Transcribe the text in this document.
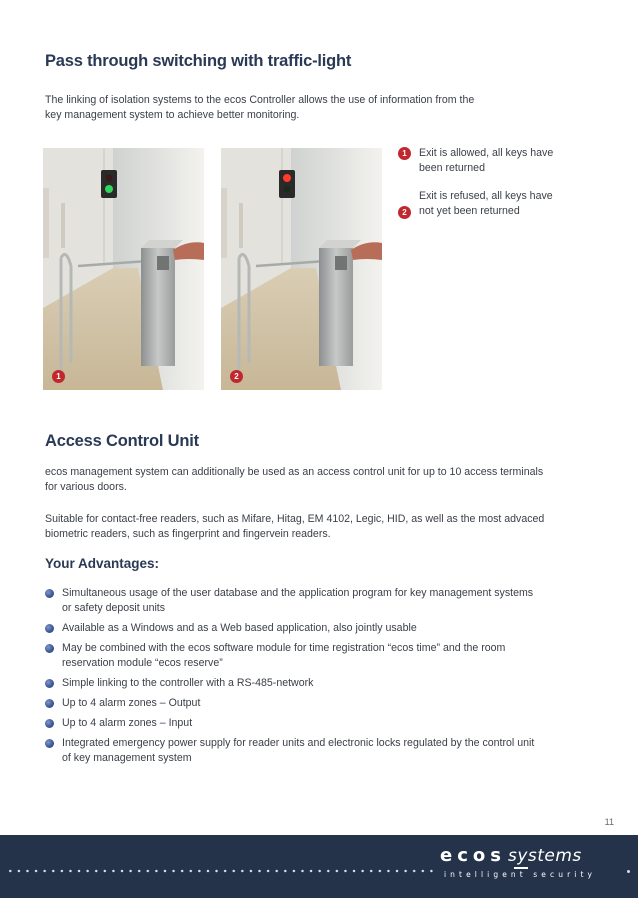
Pass through switching with traffic-light

The linking of isolation systems to the ecos Controller allows the use of information from the
key management system to achieve better monitoring.

1	2
1	Exit is allowed, all keys have
been returned
2
Exit is refused, all keys have
not yet been returned
Access Control Unit

ecos management system can additionally be used as an access control unit for up to 10 access terminals
for various doors.

Suitable for contact-free readers, such as Mifare, Hitag, EM 4102, Legic, HID, as well as the most advaced
biometric readers, such as fingerprint and fingervein readers.

Your Advantages:
Simultaneous usage of the user database and the application program for key management systems
or safety deposit units
Available as a Windows and as a Web based application, also jointly usable
May be combined with the ecos software module for time registration “ecos time” and the room
reservation module “ecos reserve”
Simple linking to the controller with a RS-485-network
Up to 4 alarm zones – Output
Up to 4 alarm zones – Input
Integrated emergency power supply for reader units and electronic locks regulated by the control unit
of key management system
11
ecos systems
intelligent security
